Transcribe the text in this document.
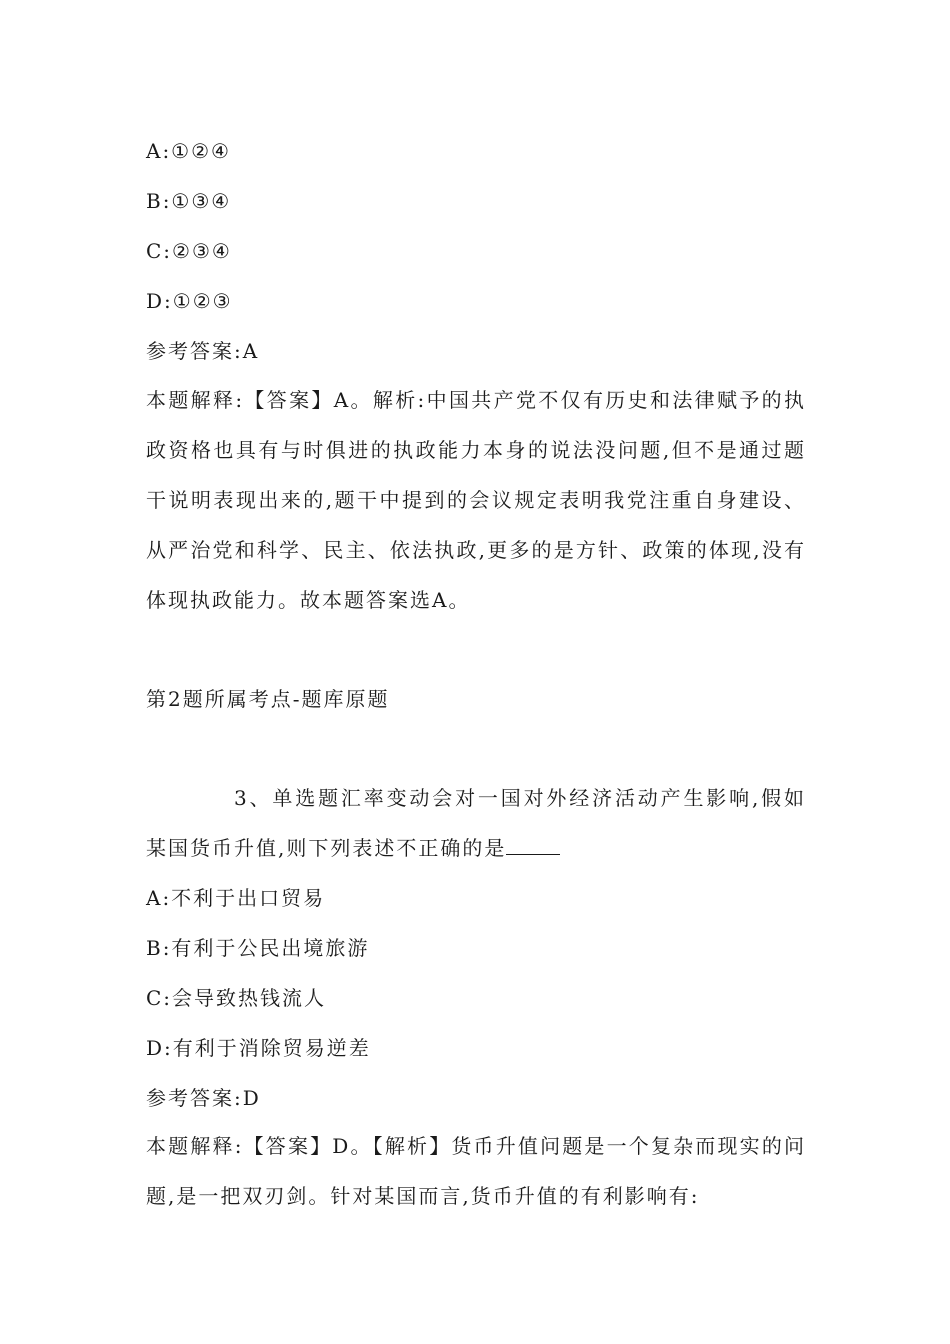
A:①②④
B:①③④
C:②③④
D:①②③
参考答案:A
本题解释:【答案】A。解析:中国共产党不仅有历史和法律赋予的执政资格也具有与时俱进的执政能力本身的说法没问题,但不是通过题干说明表现出来的,题干中提到的会议规定表明我党注重自身建设、从严治党和科学、民主、依法执政,更多的是方针、政策的体现,没有体现执政能力。故本题答案选A。
第2题所属考点-题库原题
3、单选题汇率变动会对一国对外经济活动产生影响,假如某国货币升值,则下列表述不正确的是
A:不利于出口贸易
B:有利于公民出境旅游
C:会导致热钱流人
D:有利于消除贸易逆差
参考答案:D
本题解释:【答案】D。【解析】货币升值问题是一个复杂而现实的问题,是一把双刃剑。针对某国而言,货币升值的有利影响有:
